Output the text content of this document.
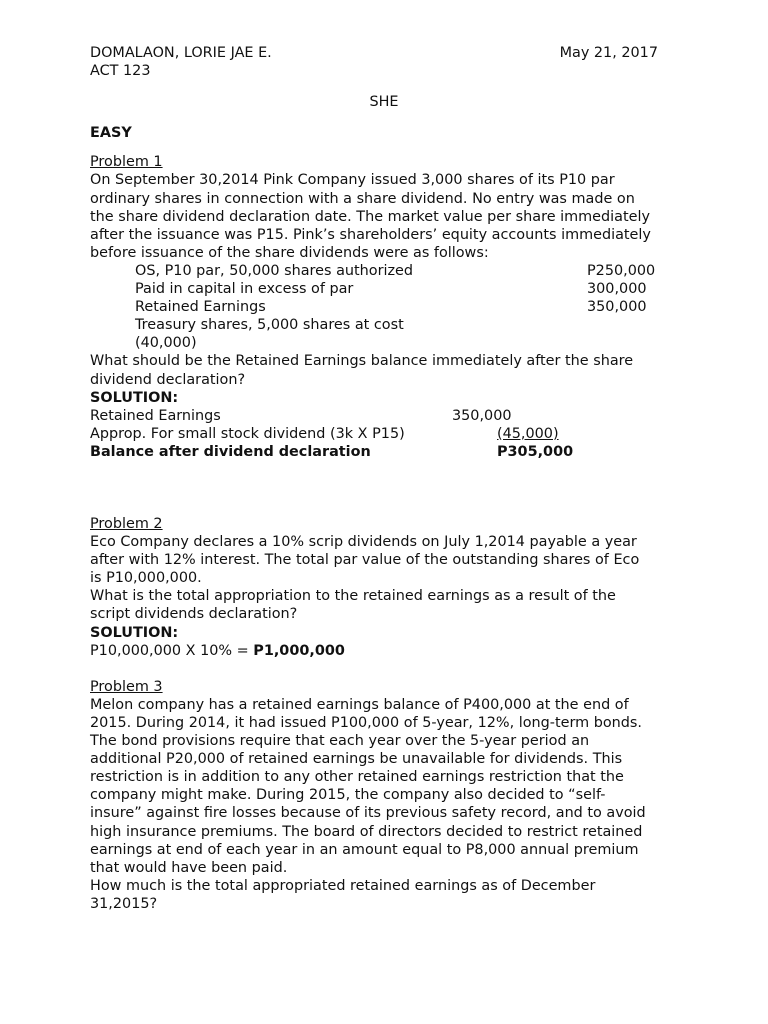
DOMALAON, LORIE JAE E.	May 21, 2017
ACT 123
SHE
EASY
Problem 1
On September 30,2014 Pink Company issued 3,000 shares of its P10 par
ordinary shares in connection with a share dividend. No entry was made on
the share dividend declaration date. The market value per share immediately
after the issuance was P15. Pink’s shareholders’ equity accounts immediately
before issuance of the share dividends were as follows:
OS, P10 par, 50,000 shares authorized	P250,000
Paid in capital in excess of par	300,000
Retained Earnings	350,000
Treasury shares, 5,000 shares at cost
(40,000)
What should be the Retained Earnings balance immediately after the share
dividend declaration?
SOLUTION:
Retained Earnings	350,000
Approp. For small stock dividend (3k X P15)	(45,000)
Balance after dividend declaration	P305,000
Problem 2
Eco Company declares a 10% scrip dividends on July 1,2014 payable a year
after with 12% interest. The total par value of the outstanding shares of Eco
is P10,000,000.
What is the total appropriation to the retained earnings as a result of the
script dividends declaration?
SOLUTION:
P10,000,000 X 10% = P1,000,000
Problem 3
Melon company has a retained earnings balance of P400,000 at the end of
2015. During 2014, it had issued P100,000 of 5-year, 12%, long-term bonds.
The bond provisions require that each year over the 5-year period an
additional P20,000 of retained earnings be unavailable for dividends. This
restriction is in addition to any other retained earnings restriction that the
company might make. During 2015, the company also decided to “self-
insure” against fire losses because of its previous safety record, and to avoid
high insurance premiums. The board of directors decided to restrict retained
earnings at end of each year in an amount equal to P8,000 annual premium
that would have been paid.
How much is the total appropriated retained earnings as of December
31,2015?
